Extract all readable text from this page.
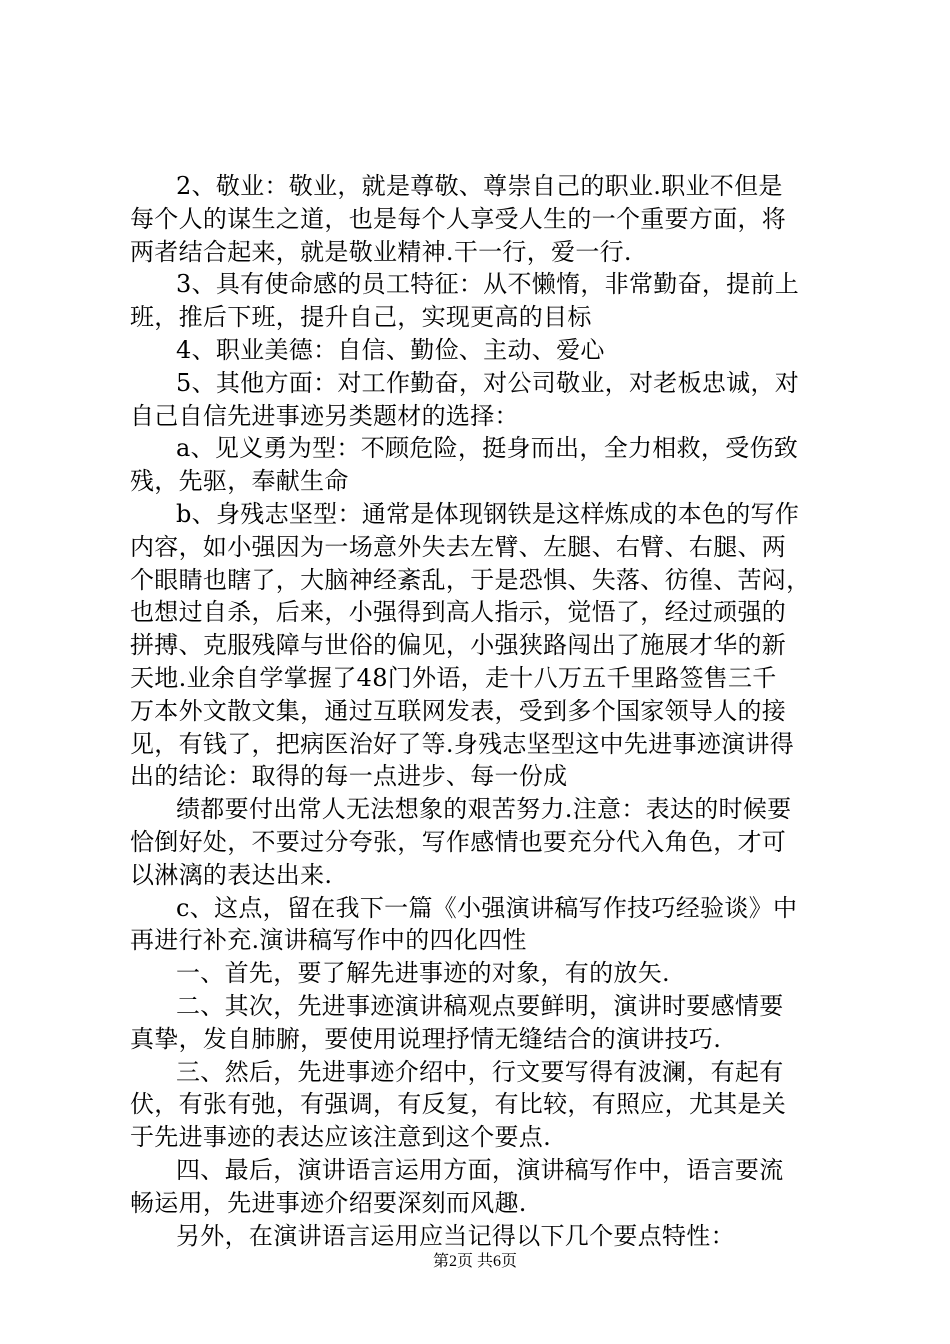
2、敬业：敬业，就是尊敬、尊崇自己的职业.职业不但是
每个人的谋生之道，也是每个人享受人生的一个重要方面，将
两者结合起来，就是敬业精神.干一行，爱一行.
3、具有使命感的员工特征：从不懒惰，非常勤奋，提前上
班，推后下班，提升自己，实现更高的目标
4、职业美德：自信、勤俭、主动、爱心
5、其他方面：对工作勤奋，对公司敬业，对老板忠诚，对
自己自信先进事迹另类题材的选择：
a、见义勇为型：不顾危险，挺身而出，全力相救，受伤致
残，先驱，奉献生命
b、身残志坚型：通常是体现钢铁是这样炼成的本色的写作
内容，如小强因为一场意外失去左臂、左腿、右臂、右腿、两
个眼睛也瞎了，大脑神经紊乱，于是恐惧、失落、彷徨、苦闷，
也想过自杀，后来，小强得到高人指示，觉悟了，经过顽强的
拼搏、克服残障与世俗的偏见，小强狭路闯出了施展才华的新
天地.业余自学掌握了48门外语，走十八万五千里路签售三千
万本外文散文集，通过互联网发表，受到多个国家领导人的接
见，有钱了，把病医治好了等.身残志坚型这中先进事迹演讲得
出的结论：取得的每一点进步、每一份成
绩都要付出常人无法想象的艰苦努力.注意：表达的时候要
恰倒好处，不要过分夸张，写作感情也要充分代入角色，才可
以淋漓的表达出来.
c、这点，留在我下一篇《小强演讲稿写作技巧经验谈》中
再进行补充.演讲稿写作中的四化四性
一、首先，要了解先进事迹的对象，有的放矢.
二、其次，先进事迹演讲稿观点要鲜明，演讲时要感情要
真挚，发自肺腑，要使用说理抒情无缝结合的演讲技巧.
三、然后，先进事迹介绍中，行文要写得有波澜，有起有
伏，有张有弛，有强调，有反复，有比较，有照应，尤其是关
于先进事迹的表达应该注意到这个要点.
四、最后，演讲语言运用方面，演讲稿写作中，语言要流
畅运用，先进事迹介绍要深刻而风趣.
另外，在演讲语言运用应当记得以下几个要点特性：
第2页 共6页
